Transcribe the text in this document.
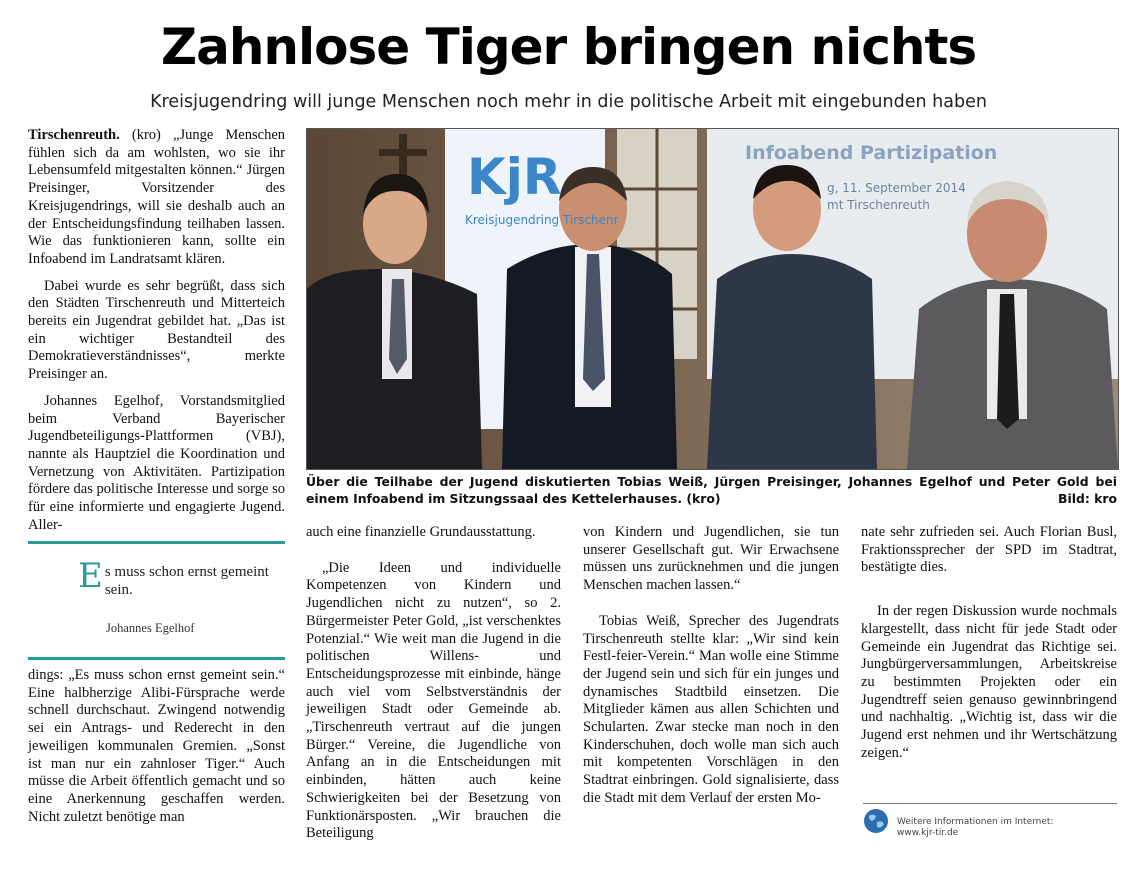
Zahnlose Tiger bringen nichts
Kreisjugendring will junge Menschen noch mehr in die politische Arbeit mit eingebunden haben

Tirschenreuth. (kro) „Junge Menschen fühlen sich da am wohlsten, wo sie ihr Lebensumfeld mitgestalten können.“ Jürgen Preisinger, Vorsitzender des Kreisjugendrings, will sie deshalb auch an der Entscheidungsfindung teilhaben lassen. Wie das funktionieren kann, sollte ein Infoabend im Landratsamt klären.

Dabei wurde es sehr begrüßt, dass sich den Städten Tirschenreuth und Mitterteich bereits ein Jugendrat gebildet hat. „Das ist ein wichtiger Bestandteil des Demokratieverständnisses“, merkte Preisinger an.

Johannes Egelhof, Vorstandsmitglied beim Verband Bayerischer Jugendbeteiligungs-Plattformen (VBJ), nannte als Hauptziel die Koordination und Vernetzung von Aktivitäten. Partizipation fördere das politische Interesse und sorge so für eine informierte und engagierte Jugend. Aller-

Es muss schon ernst gemeint sein.
Johannes Egelhof

dings: „Es muss schon ernst gemeint sein.“ Eine halbherzige Alibi-Fürsprache werde schnell durchschaut. Zwingend notwendig sei ein Antrags- und Rederecht in den jeweiligen kommunalen Gremien. „Sonst ist man nur ein zahnloser Tiger.“ Auch müsse die Arbeit öffentlich gemacht und so eine Anerkennung geschaffen werden. Nicht zuletzt benötige man

KjR
Kreisjugendring Tirschenr
Infoabend Partizipation
g, 11. September 2014
mt Tirschenreuth
Über die Teilhabe der Jugend diskutierten Tobias Weiß, Jürgen Preisinger, Johannes Egelhof und Peter Gold bei einem Infoabend im Sitzungssaal des Kettelerhauses. (kro)	Bild: kro

auch eine finanzielle Grundausstattung.

„Die Ideen und individuelle Kompetenzen von Kindern und Jugendlichen nicht zu nutzen“, so 2. Bürgermeister Peter Gold, „ist verschenktes Potenzial.“ Wie weit man die Jugend in die politischen Willens- und Entscheidungsprozesse mit einbinde, hänge auch viel vom Selbstverständnis der jeweiligen Stadt oder Gemeinde ab. „Tirschenreuth vertraut auf die jungen Bürger.“ Vereine, die Jugendliche von Anfang an in die Entscheidungen mit einbinden, hätten auch keine Schwierigkeiten bei der Besetzung von Funktionärsposten. „Wir brauchen die Beteiligung

von Kindern und Jugendlichen, sie tun unserer Gesellschaft gut. Wir Erwachsene müssen uns zurücknehmen und die jungen Menschen machen lassen.“

Tobias Weiß, Sprecher des Jugendrats Tirschenreuth stellte klar: „Wir sind kein Festl-feier-Verein.“ Man wolle eine Stimme der Jugend sein und sich für ein junges und dynamisches Stadtbild einsetzen. Die Mitglieder kämen aus allen Schichten und Schularten. Zwar stecke man noch in den Kinderschuhen, doch wolle man sich auch mit kompetenten Vorschlägen in den Stadtrat einbringen. Gold signalisierte, dass die Stadt mit dem Verlauf der ersten Mo-

nate sehr zufrieden sei. Auch Florian Busl, Fraktionssprecher der SPD im Stadtrat, bestätigte dies.

In der regen Diskussion wurde nochmals klargestellt, dass nicht für jede Stadt oder Gemeinde ein Jugendrat das Richtige sei. Jungbürgerversammlungen, Arbeitskreise zu bestimmten Projekten oder ein Jugendtreff seien genauso gewinnbringend und nachhaltig. „Wichtig ist, dass wir die Jugend erst nehmen und ihr Wertschätzung zeigen.“

Weitere Informationen im Internet:
www.kjr-tir.de
